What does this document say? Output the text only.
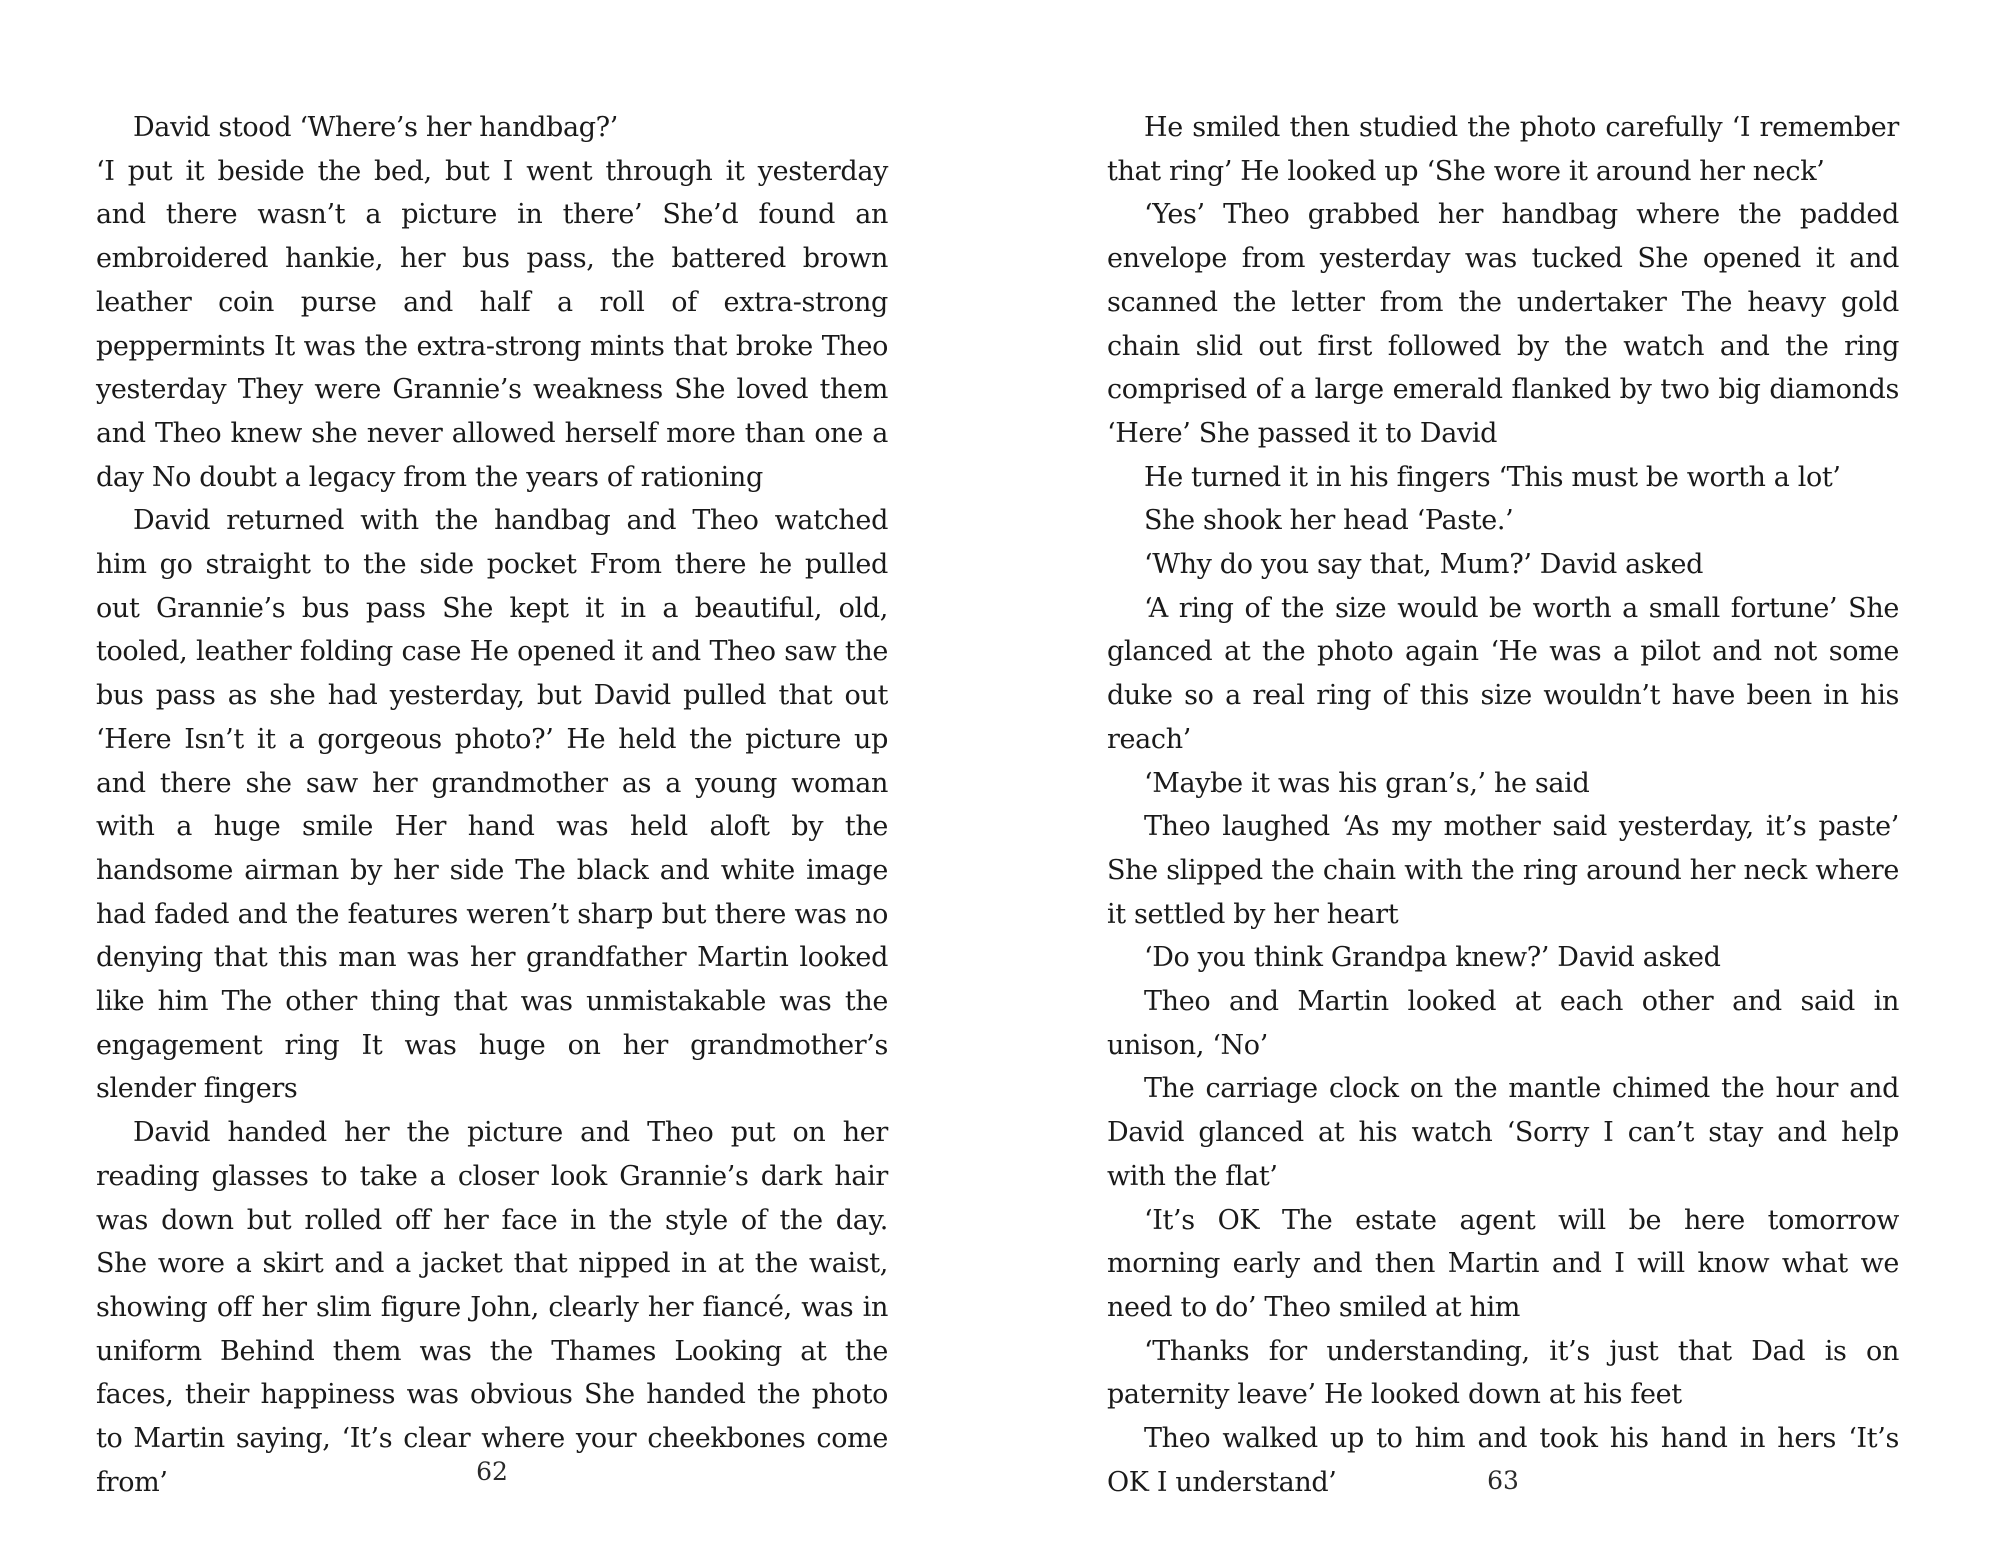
David stood ‘Where’s her handbag?’

‘I put it beside the bed, but I went through it yesterday and there wasn’t a picture in there’ She’d found an embroidered hankie, her bus pass, the battered brown leather coin purse and half a roll of extra-strong peppermints It was the extra-strong mints that broke Theo yesterday They were Grannie’s weakness She loved them and Theo knew she never allowed herself more than one a day No doubt a legacy from the years of rationing

David returned with the handbag and Theo watched him go straight to the side pocket From there he pulled out Grannie’s bus pass She kept it in a beautiful, old, tooled, leather folding case He opened it and Theo saw the bus pass as she had yesterday, but David pulled that out ‘Here Isn’t it a gorgeous photo?’ He held the picture up and there she saw her grandmother as a young woman with a huge smile Her hand was held aloft by the handsome airman by her side The black and white image had faded and the features weren’t sharp but there was no denying that this man was her grandfather Martin looked like him The other thing that was unmistakable was the engagement ring It was huge on her grandmother’s slender fingers

David handed her the picture and Theo put on her reading glasses to take a closer look Grannie’s dark hair was down but rolled off her face in the style of the day. She wore a skirt and a jacket that nipped in at the waist, showing off her slim figure John, clearly her fiancé, was in uniform Behind them was the Thames Looking at the faces, their happiness was obvious She handed the photo to Martin saying, ‘It’s clear where your cheekbones come from’	62

He smiled then studied the photo carefully ‘I remember that ring’ He looked up ‘She wore it around her neck’

‘Yes’ Theo grabbed her handbag where the padded envelope from yesterday was tucked She opened it and scanned the letter from the undertaker The heavy gold chain slid out first followed by the watch and the ring comprised of a large emerald flanked by two big diamonds ‘Here’ She passed it to David

He turned it in his fingers ‘This must be worth a lot’

She shook her head ‘Paste.’

‘Why do you say that, Mum?’ David asked

‘A ring of the size would be worth a small fortune’ She glanced at the photo again ‘He was a pilot and not some duke so a real ring of this size wouldn’t have been in his reach’

‘Maybe it was his gran’s,’ he said

Theo laughed ‘As my mother said yesterday, it’s paste’ She slipped the chain with the ring around her neck where it settled by her heart

‘Do you think Grandpa knew?’ David asked

Theo and Martin looked at each other and said in unison, ‘No’

The carriage clock on the mantle chimed the hour and David glanced at his watch ‘Sorry I can’t stay and help with the flat’

‘It’s OK The estate agent will be here tomorrow morning early and then Martin and I will know what we need to do’ Theo smiled at him

‘Thanks for understanding, it’s just that Dad is on paternity leave’ He looked down at his feet

Theo walked up to him and took his hand in hers ‘It’s OK I understand’	63
